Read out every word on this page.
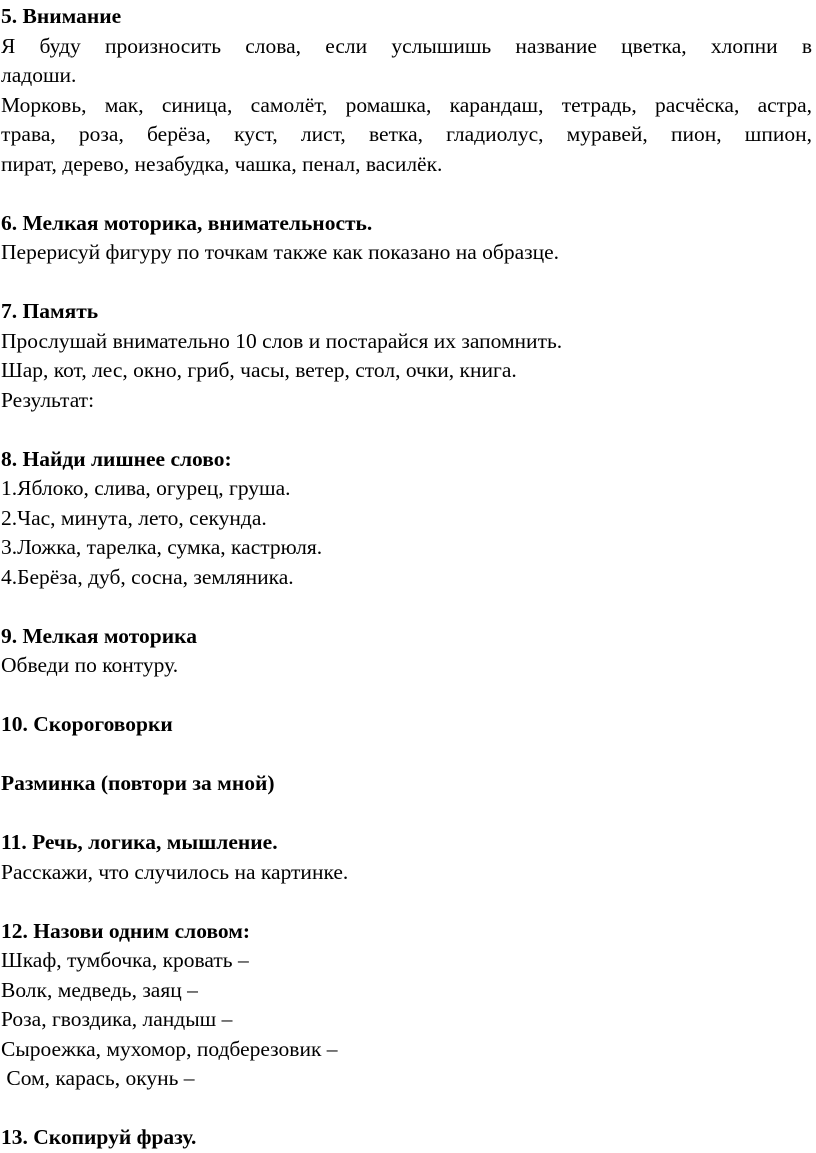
5. Внимание
Я буду произносить слова, если услышишь название цветка, хлопни в
ладоши.
Морковь, мак, синица, самолёт, ромашка, карандаш, тетрадь, расчёска, астра,
трава, роза, берёза, куст, лист, ветка, гладиолус, муравей, пион, шпион,
пират, дерево, незабудка, чашка, пенал, василёк.
6. Мелкая моторика, внимательность.
Перерисуй фигуру по точкам также как показано на образце.
7. Память
Прослушай внимательно 10 слов и постарайся их запомнить.
Шар, кот, лес, окно, гриб, часы, ветер, стол, очки, книга.
Результат:
8. Найди лишнее слово:
1.Яблоко, слива, огурец, груша.
2.Час, минута, лето, секунда.
3.Ложка, тарелка, сумка, кастрюля.
4.Берёза, дуб, сосна, земляника.
9. Мелкая моторика
Обведи по контуру.
10. Скороговорки
Разминка (повтори за мной)
11. Речь, логика, мышление.
Расскажи, что случилось на картинке.
12. Назови одним словом:
Шкаф, тумбочка, кровать –
Волк, медведь, заяц –
Роза, гвоздика, ландыш –
Сыроежка, мухомор, подберезовик –
Сом, карась, окунь –
13. Скопируй фразу.
